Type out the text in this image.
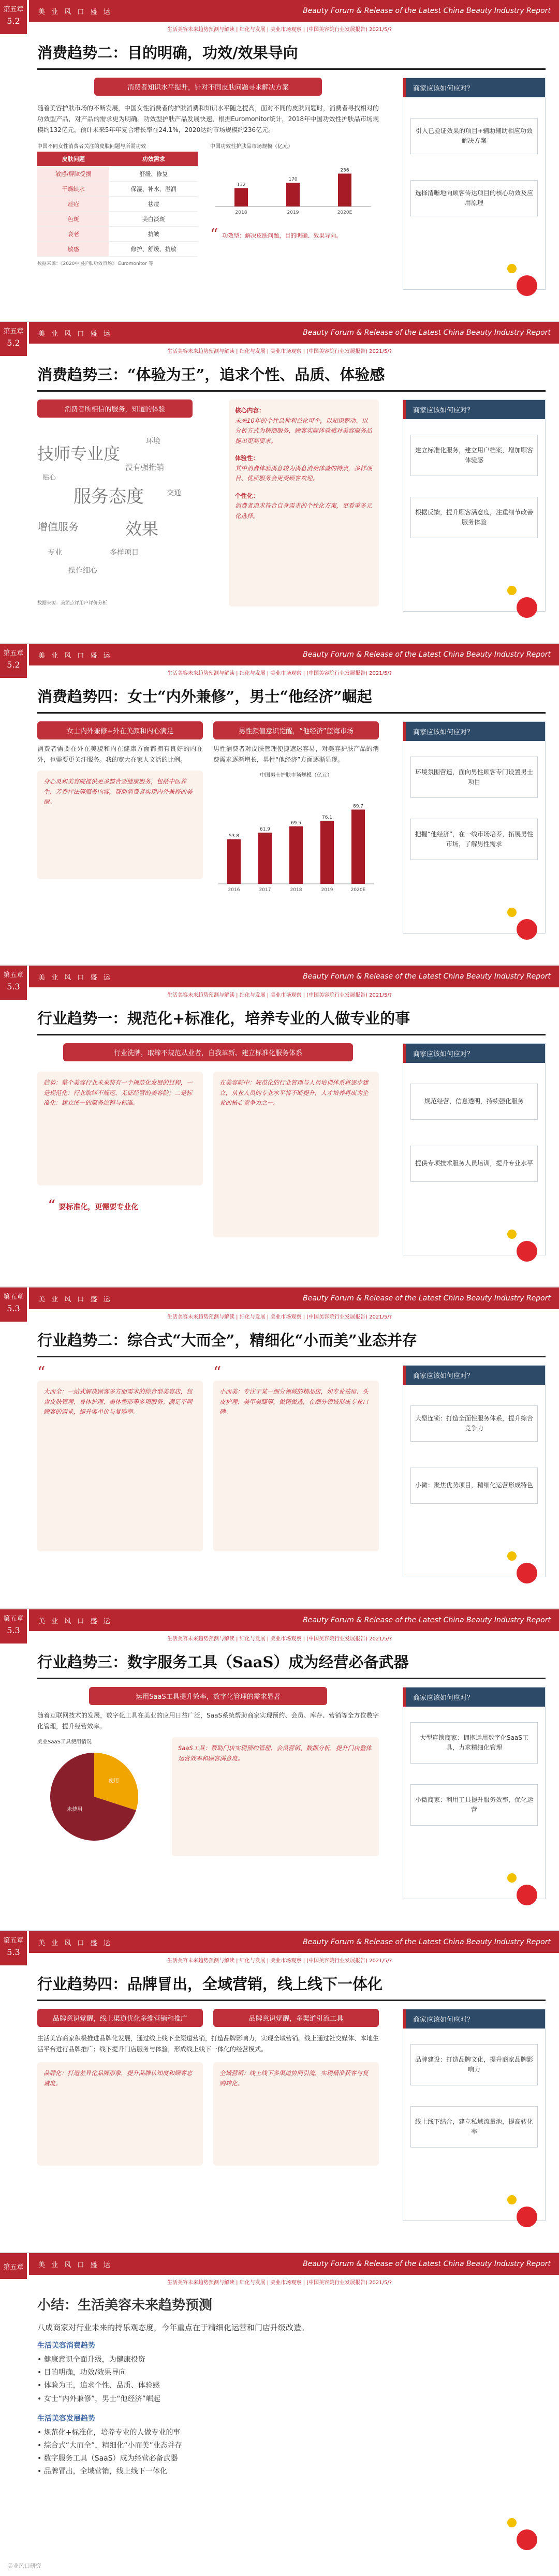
第五章
5.2
美 业 风 口 盛 运	Beauty Forum & Release of the Latest China Beauty Industry Report
生活美容未来趋势预测与解读 | 细化与发展 | 美业市场观察 | (中国美容院行业发展报告) 2021/5/?
消费趋势二：目的明确，功效/效果导向
消费者知识水平提升，针对不同皮肤问题寻求解决方案

随着美容护肤市场的不断发展，中国女性消费者的护肤消费和知识水平随之提高，面对不同的皮肤问题时，消费者寻找相对的功效型产品，对产品的需求更为明确。功效型护肤产品发展快速，根据Euromonitor统计，2018年中国功效性护肤品市场规模约132亿元，预计未来5年年复合增长率在24.1%，2020达约市场规模约236亿元。

中国不同女性消费者关注的皮肤问题与所需功效
皮肤问题	功效需求
敏感/屏障受损	舒缓、修复
干燥缺水	保湿、补水、滋润
痤疮	祛痘
色斑	美白淡斑
衰老	抗皱
敏感	修护、舒缓、抗敏
数据来源：《2020中国护肤功效市场》 Euromonitor 等
中国功效性护肤品市场规模（亿元）
132
2018
170
2019
236
2020E
“ 功效型：解决皮肤问题，目的明确、效果导向。
商家应该如何应对？
引入已验证效果的项目+辅助辅助相应功效解决方案
选择清晰地向顾客传达项目的核心功效及应用原理
第五章
5.2
美 业 风 口 盛 运	Beauty Forum & Release of the Latest China Beauty Industry Report
生活美容未来趋势预测与解读 | 细化与发展 | 美业市场观察 | (中国美容院行业发展报告) 2021/5/?
消费趋势三：“体验为王”，追求个性、品质、体验感
消费者所相信的服务，知道的体验
技师专业度
环境
贴心
服务态度
没有强推销
交通
增值服务	效果
专业	多样项目
操作细心
数据来源：美团点评用户评价分析
核心内容：
未来10年的个性品种利益化可个，以知识驱动、以分析方式为精细服务，顾客实际体验感对美容服务品提出更高要求。
体验性：
其中消费体验满意较为满意消费体验的特点，多样项目、优质服务会更受顾客欢迎。
个性化：
消费者追求符合自身需求的个性化方案，更看重多元化选择。
商家应该如何应对？
建立标准化服务，建立用户档案，增加顾客体验感
根据反馈，提升顾客满意度，注重细节改善服务体验
第五章
5.2
美 业 风 口 盛 运	Beauty Forum & Release of the Latest China Beauty Industry Report
生活美容未来趋势预测与解读 | 细化与发展 | 美业市场观察 | (中国美容院行业发展报告) 2021/5/?
消费趋势四：女士“内外兼修”，男士“他经济”崛起
女士内外兼修+外在美颜和内心满足

消费者需要在外在美貌和内在健康方面都拥有良好的内在外，也需要更关注服务。我的宽大在家人文活的比例。

身心灵和美容院提供更多整合型健康服务，包括中医养生、芳香疗法等服务内容，帮助消费者实现内外兼修的美丽。
男性颜值意识觉醒，“他经济”蓝海市场

男性消费者对皮肤管理便捷遮迷容易，对美容护肤产品的消费需求逐渐增长，男性“他经济”方面逐渐显现。

中国男士护肤市场规模（亿元）
53.8
2016
61.9
2017
69.5
2018
76.1
2019
89.7
2020E
商家应该如何应对？
环境氛围营造，面向男性顾客专门设置男士项目
把握“他经济”，在一线市场培养，拓展男性市场，了解男性需求
第五章
5.3
美 业 风 口 盛 运	Beauty Forum & Release of the Latest China Beauty Industry Report
生活美容未来趋势预测与解读 | 细化与发展 | 美业市场观察 | (中国美容院行业发展报告) 2021/5/?
行业趋势一：规范化+标准化，培养专业的人做专业的事
行业洗牌，取缔不规范从业者，自我革新、建立标准化服务体系
趋势：整个美容行业未来将有一个规范化发展的过程，一是规范化：行业取缔不规范、无证经营的美容院；二是标准化：建立统一的服务流程与标准。
在美容院中：规范化的行业管理与人员培训体系将逐步建立，从业人员的专业水平将不断提升，人才培养将成为企业的核心竞争力之一。
“ 要标准化，更需要专业化
商家应该如何应对？
规范经营，信息透明，持续强化服务
提供专项技术服务人员培训，提升专业水平
第五章
5.3
美 业 风 口 盛 运	Beauty Forum & Release of the Latest China Beauty Industry Report
生活美容未来趋势预测与解读 | 细化与发展 | 美业市场观察 | (中国美容院行业发展报告) 2021/5/?
行业趋势二：综合式“大而全”，精细化“小而美”业态并存
“
大而全：一站式解决顾客多方面需求的综合型美容店，包含皮肤管理、身体护理、美体塑形等多项服务。满足不同顾客的需求，提升客单价与复购率。
“
小而美：专注于某一细分领域的精品店，如专业祛痘、头皮护理、美甲美睫等，做精做透，在细分领域形成专业口碑。
商家应该如何应对？
大型连锁：打造全面性服务体系，提升综合竞争力
小微：聚焦优势项目，精细化运营形成特色
第五章
5.3
美 业 风 口 盛 运	Beauty Forum & Release of the Latest China Beauty Industry Report
生活美容未来趋势预测与解读 | 细化与发展 | 美业市场观察 | (中国美容院行业发展报告) 2021/5/?
行业趋势三：数字服务工具（SaaS）成为经营必备武器
运用SaaS工具提升效率，数字化管理的需求显著

随着互联网技术的发展，数字化工具在美业的应用日益广泛，SaaS系统帮助商家实现预约、会员、库存、营销等全方位数字化管理，提升经营效率。

美业SaaS工具使用情况
使用
未使用
SaaS工具：帮助门店实现预约管理、会员营销、数据分析，提升门店整体运营效率和顾客满意度。
商家应该如何应对？
大型连锁商家：拥抱运用数字化SaaS工具，力求精细化管理
小微商家：利用工具提升服务效率，优化运营
第五章
5.3
美 业 风 口 盛 运	Beauty Forum & Release of the Latest China Beauty Industry Report
生活美容未来趋势预测与解读 | 细化与发展 | 美业市场观察 | (中国美容院行业发展报告) 2021/5/?
行业趋势四：品牌冒出，全域营销，线上线下一体化
品牌意识觉醒，线上渠道优化多维营销和推广	品牌意识觉醒，多渠道引流工具

生活美容商家积极推进品牌化发展，通过线上线下全渠道营销，打造品牌影响力，实现全域营销。线上通过社交媒体、本地生活平台进行品牌推广；线下提升门店服务与体验，形成线上线下一体化的经营模式。

品牌化：打造差异化品牌形象，提升品牌认知度和顾客忠诚度。
全域营销：线上线下多渠道协同引流，实现精准获客与复购转化。
商家应该如何应对？
品牌建设：打造品牌文化，提升商家品牌影响力
线上线下结合，建立私域流量池，提高转化率
第五章	美 业 风 口 盛 运	Beauty Forum & Release of the Latest China Beauty Industry Report
生活美容未来趋势预测与解读 | 细化与发展 | 美业市场观察 | (中国美容院行业发展报告) 2021/5/?
小结：生活美容未来趋势预测
八成商家对行业未来的持乐观态度，今年重点在于精细化运营和门店升级改造。
生活美容消费趋势
• 健康意识全面升级，为健康投资
• 目的明确，功效/效果导向
• 体验为王，追求个性、品质、体验感
• 女士“内外兼修”，男士“他经济”崛起
生活美容发展趋势
• 规范化+标准化，培养专业的人做专业的事
• 综合式“大而全”，精细化“小而美”业态并存
• 数字服务工具（SaaS）成为经营必备武器
• 品牌冒出，全域营销，线上线下一体化
美业风口研究
